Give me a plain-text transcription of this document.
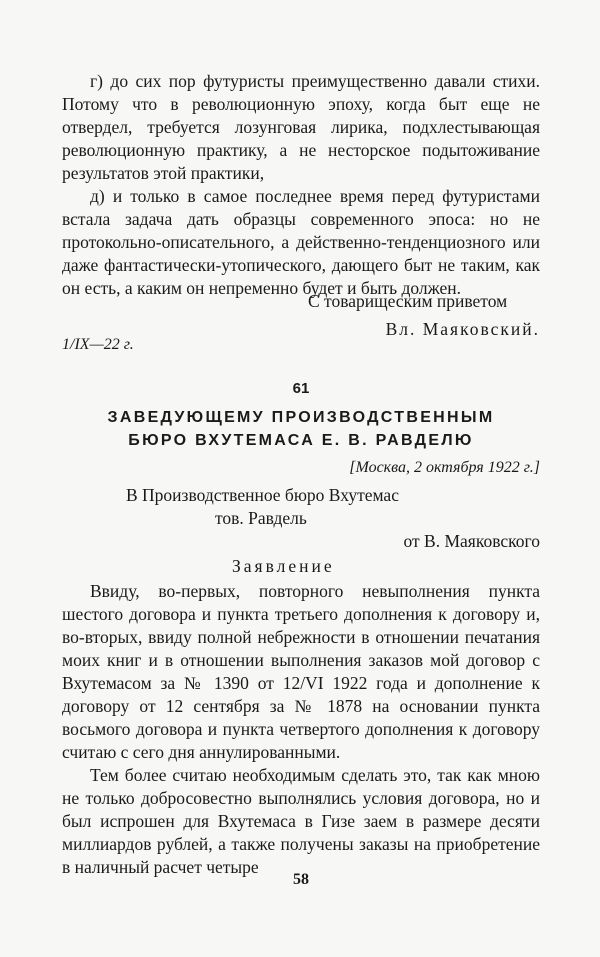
г) до сих пор футуристы преимущественно давали стихи. Потому что в революционную эпоху, когда быт еще не отвердел, требуется лозунговая лирика, подхлестывающая революционную практику, а не несторское подытоживание результатов этой практики,

д) и только в самое последнее время перед футуристами встала задача дать образцы современного эпоса: но не протокольно-описательного, а действенно-тенденциозного или даже фантастически-утопического, дающего быт не таким, как он есть, а каким он непременно будет и быть должен.

С товарищеским приветом
Вл. Маяковский.
1/IX—22 г.
61
ЗАВЕДУЮЩЕМУ ПРОИЗВОДСТВЕННЫМ
БЮРО ВХУТЕМАСА Е. В. РАВДЕЛЮ
[Москва, 2 октября 1922 г.]
В Производственное бюро Вхутемас
тов. Равдель
от В. Маяковского
Заявление

Ввиду, во-первых, повторного невыполнения пункта шестого договора и пункта третьего дополнения к договору и, во-вторых, ввиду полной небрежности в отношении печатания моих книг и в отношении выполнения заказов мой договор с Вхутемасом за № 1390 от 12/VI 1922 года и дополнение к договору от 12 сентября за № 1878 на основании пункта восьмого договора и пункта четвертого дополнения к договору считаю с сего дня аннулированными.

Тем более считаю необходимым сделать это, так как мною не только добросовестно выполнялись условия договора, но и был испрошен для Вхутемаса в Гизе заем в размере десяти миллиардов рублей, а также получены заказы на приобретение в наличный расчет четыре

58
